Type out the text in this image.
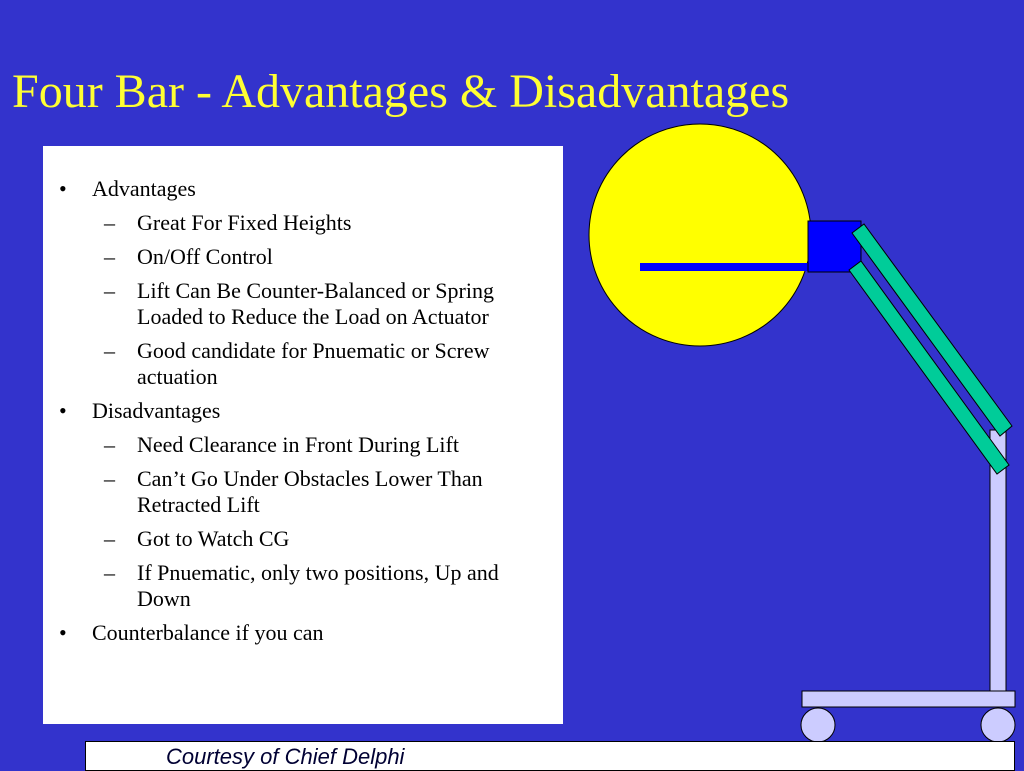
Four Bar - Advantages & Disadvantages
• Advantages
– Great For Fixed Heights
– On/Off Control
– Lift Can Be Counter-Balanced or Spring Loaded to Reduce the Load on Actuator
– Good candidate for Pnuematic or Screw actuation
• Disadvantages
– Need Clearance in Front During Lift
– Can’t Go Under Obstacles Lower Than Retracted Lift
– Got to Watch CG
– If Pnuematic, only two positions, Up and Down
• Counterbalance if you can
Courtesy of Chief Delphi
